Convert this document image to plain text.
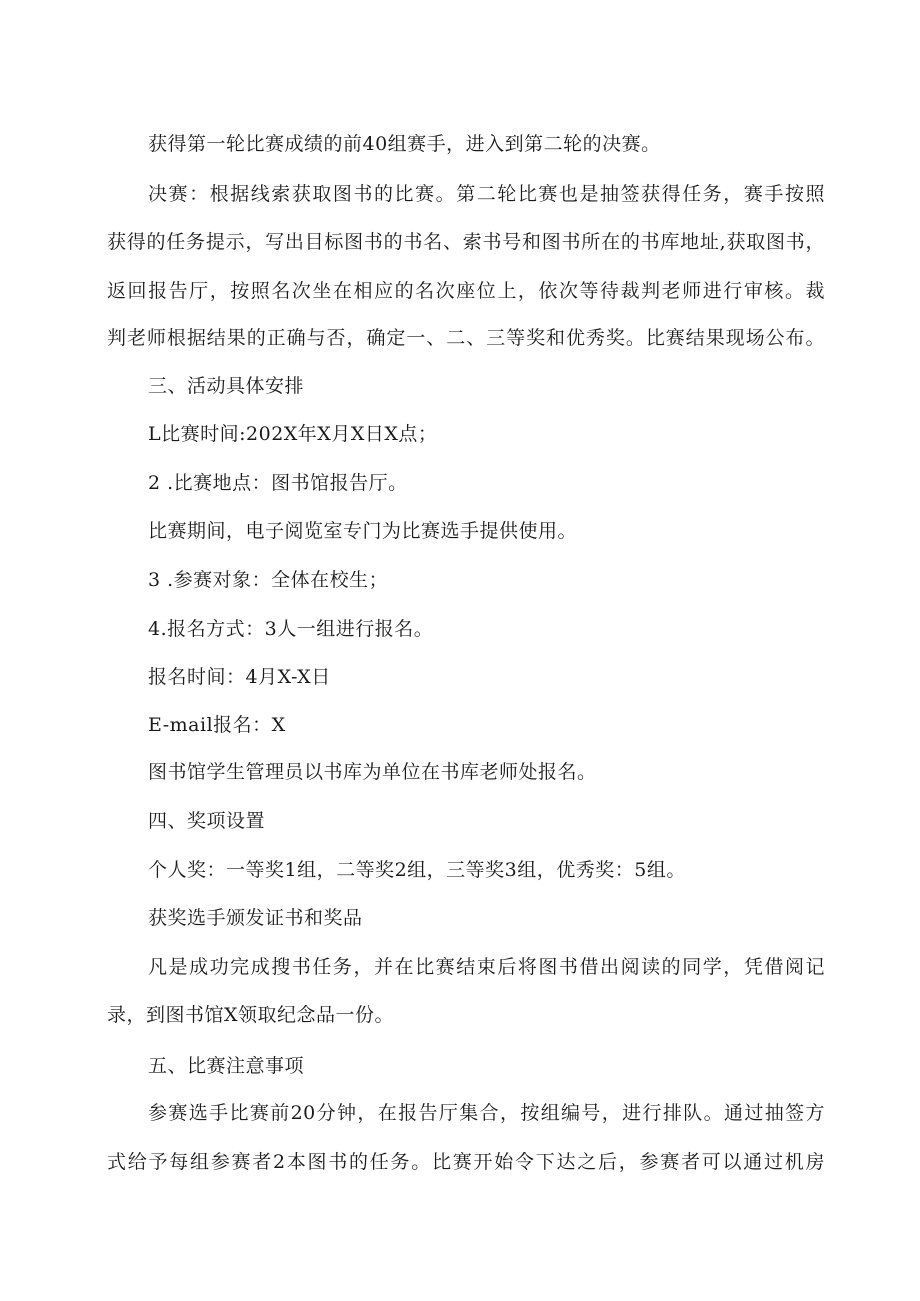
获得第一轮比赛成绩的前40组赛手，进入到第二轮的决赛。
决赛：根据线索获取图书的比赛。第二轮比赛也是抽签获得任务，赛手按照
获得的任务提示，写出目标图书的书名、索书号和图书所在的书库地址,获取图书，
返回报告厅，按照名次坐在相应的名次座位上，依次等待裁判老师进行审核。裁
判老师根据结果的正确与否，确定一、二、三等奖和优秀奖。比赛结果现场公布。
三、活动具体安排
L比赛时间:202X年X月X日X点；
2 .比赛地点：图书馆报告厅。
比赛期间，电子阅览室专门为比赛选手提供使用。
3 .参赛对象：全体在校生；
4.报名方式：3人一组进行报名。
报名时间：4月X-X日
E-mail报名：X
图书馆学生管理员以书库为单位在书库老师处报名。
四、奖项设置
个人奖：一等奖1组，二等奖2组，三等奖3组，优秀奖：5组。
获奖选手颁发证书和奖品
凡是成功完成搜书任务，并在比赛结束后将图书借出阅读的同学，凭借阅记
录，到图书馆X领取纪念品一份。
五、比赛注意事项
参赛选手比赛前20分钟，在报告厅集合，按组编号，进行排队。通过抽签方
式给予每组参赛者2本图书的任务。比赛开始令下达之后，参赛者可以通过机房
